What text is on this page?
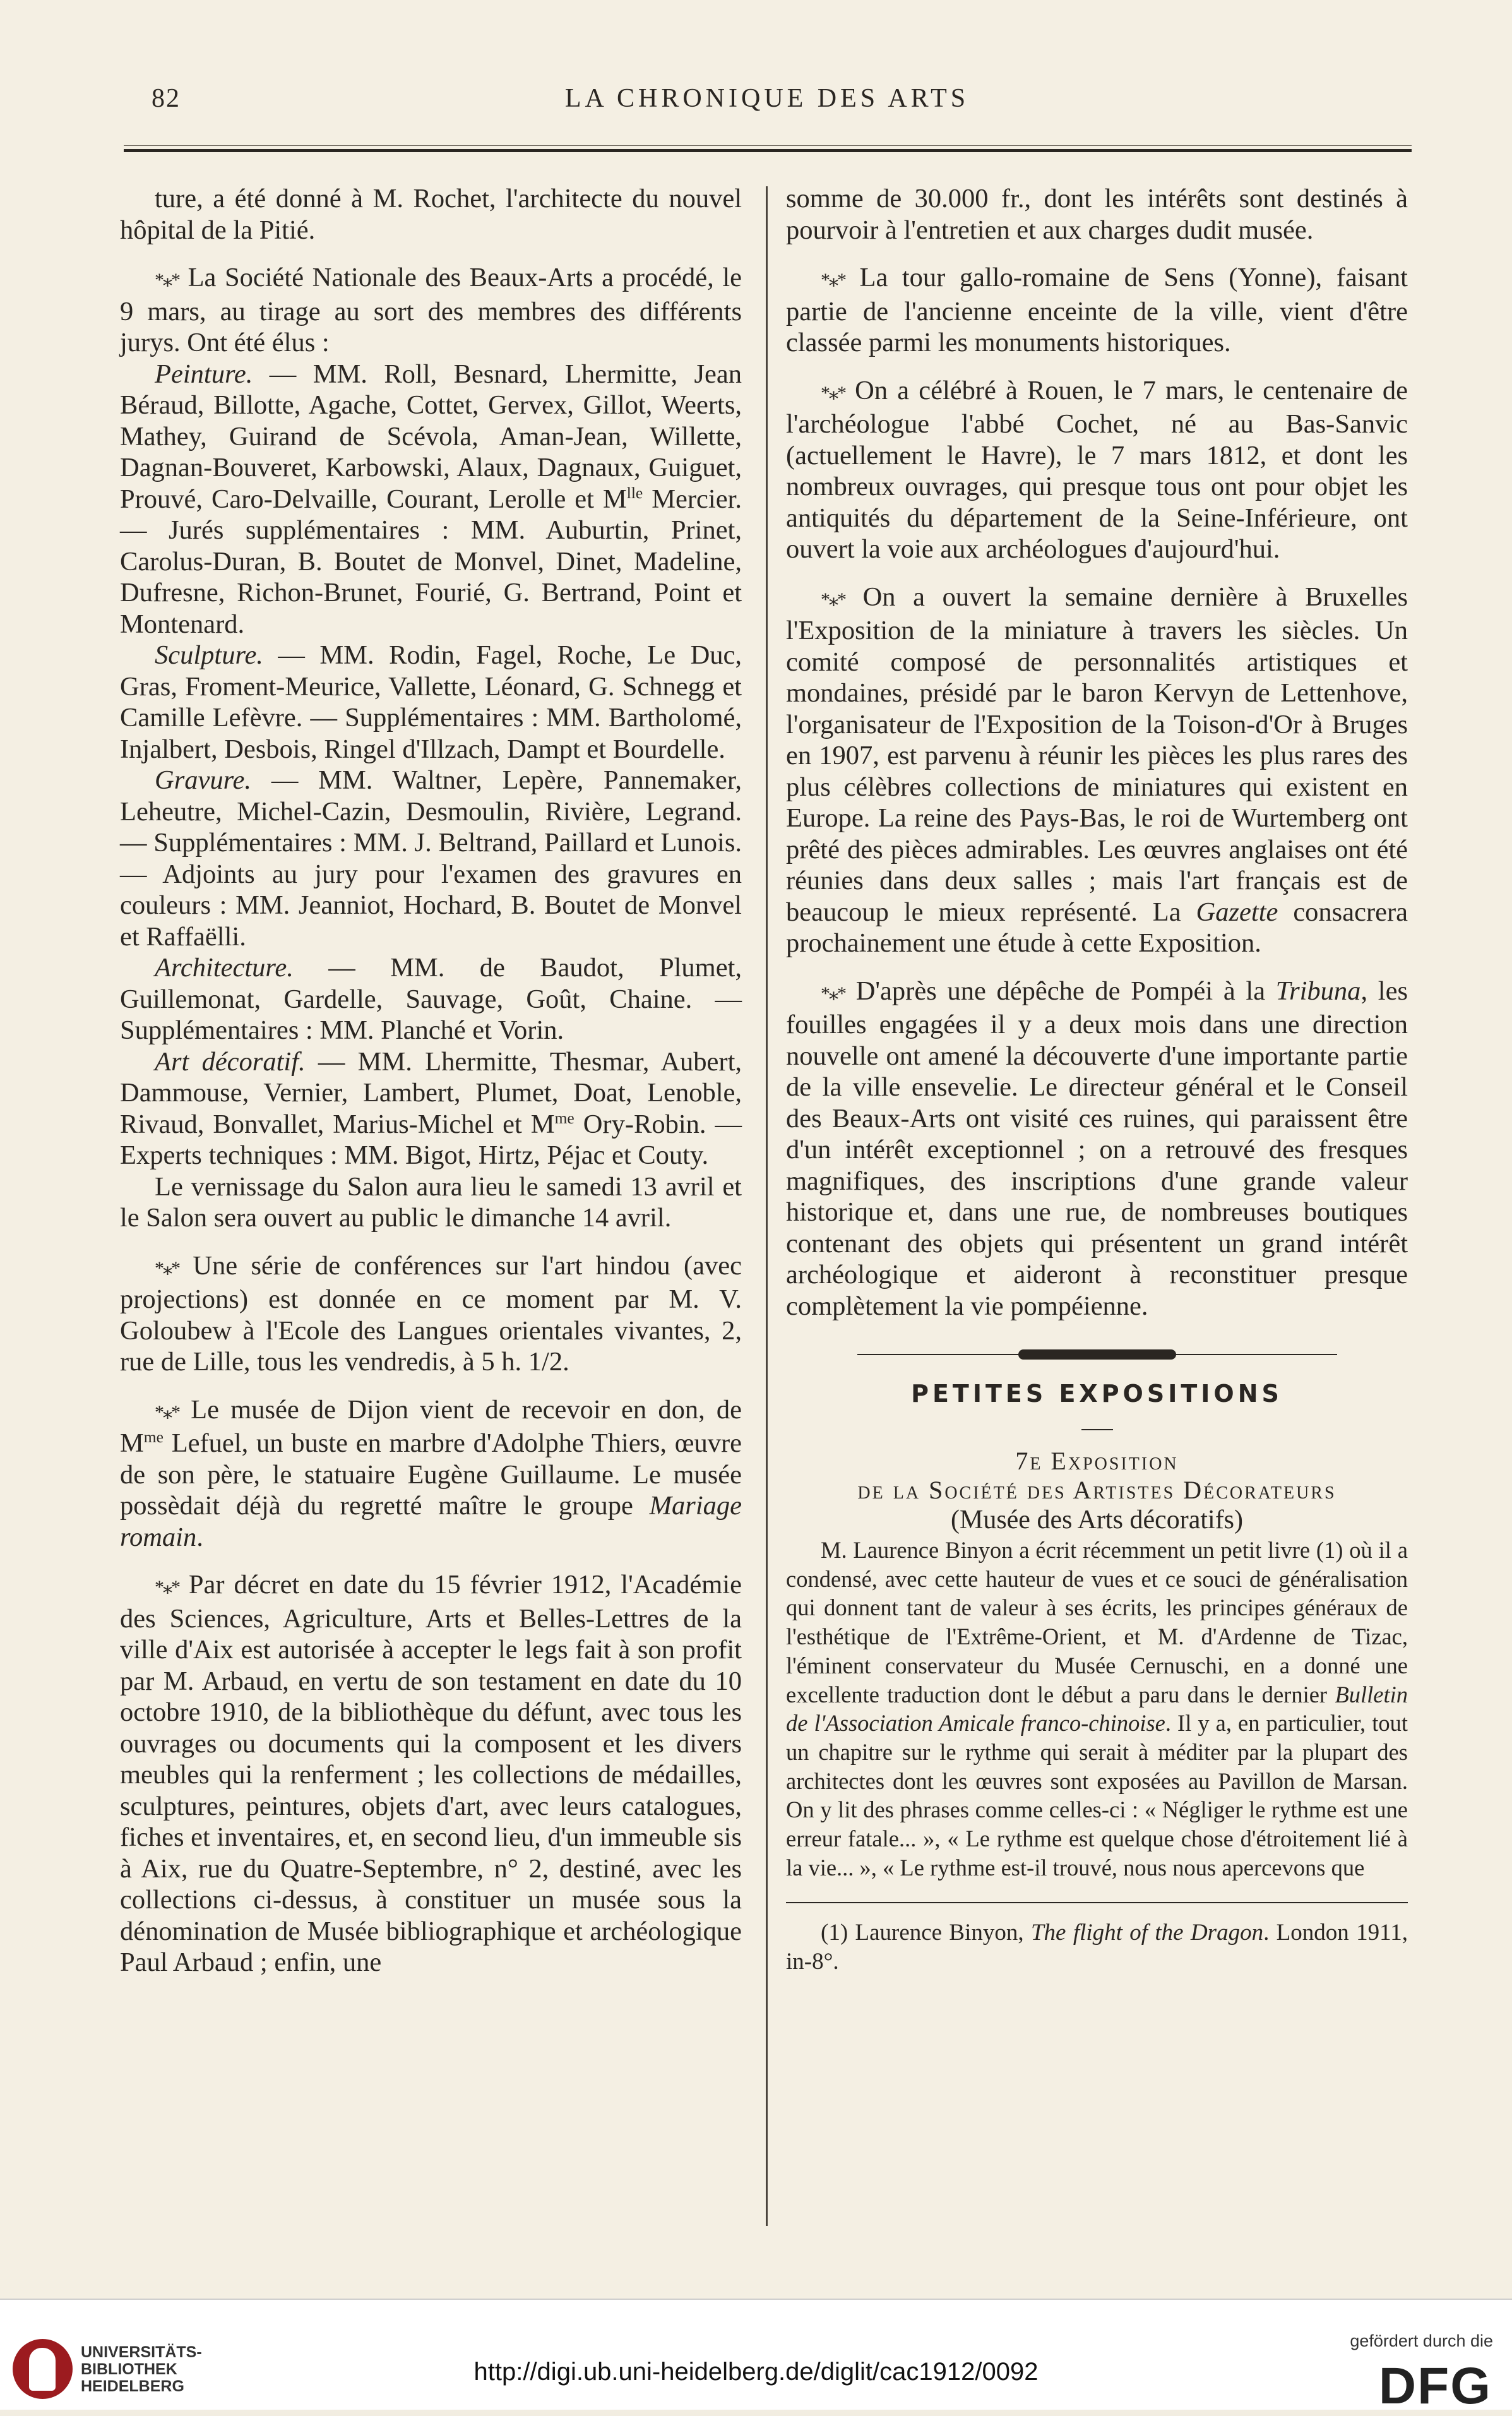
82	LA CHRONIQUE DES ARTS

ture, a été donné à M. Rochet, l'architecte du nouvel hôpital de la Pitié.

*⁎* La Société Nationale des Beaux-Arts a procédé, le 9 mars, au tirage au sort des membres des différents jurys. Ont été élus :

Peinture. — MM. Roll, Besnard, Lhermitte, Jean Béraud, Billotte, Agache, Cottet, Gervex, Gillot, Weerts, Mathey, Guirand de Scévola, Aman-Jean, Willette, Dagnan-Bouveret, Karbowski, Alaux, Dagnaux, Guiguet, Prouvé, Caro-Delvaille, Courant, Lerolle et $M^{lle}$ Mercier. — Jurés supplémentaires : MM. Auburtin, Prinet, Carolus-Duran, B. Boutet de Monvel, Dinet, Madeline, Dufresne, Richon-Brunet, Fourié, G. Bertrand, Point et Montenard.

Sculpture. — MM. Rodin, Fagel, Roche, Le Duc, Gras, Froment-Meurice, Vallette, Léonard, G. Schnegg et Camille Lefèvre. — Supplémentaires : MM. Bartholomé, Injalbert, Desbois, Ringel d'Illzach, Dampt et Bourdelle.

Gravure. — MM. Waltner, Lepère, Pannemaker, Leheutre, Michel-Cazin, Desmoulin, Rivière, Legrand. — Supplémentaires : MM. J. Beltrand, Paillard et Lunois. — Adjoints au jury pour l'examen des gravures en couleurs : MM. Jeanniot, Hochard, B. Boutet de Monvel et Raffaëlli.

Architecture. — MM. de Baudot, Plumet, Guillemonat, Gardelle, Sauvage, Goût, Chaine. — Supplémentaires : MM. Planché et Vorin.

Art décoratif. — MM. Lhermitte, Thesmar, Aubert, Dammouse, Vernier, Lambert, Plumet, Doat, Lenoble, Rivaud, Bonvallet, Marius-Michel et $M^{me}$ Ory-Robin. — Experts techniques : MM. Bigot, Hirtz, Péjac et Couty.

Le vernissage du Salon aura lieu le samedi 13 avril et le Salon sera ouvert au public le dimanche 14 avril.

*⁎* Une série de conférences sur l'art hindou (avec projections) est donnée en ce moment par M. V. Goloubew à l'Ecole des Langues orientales vivantes, 2, rue de Lille, tous les vendredis, à 5 h. 1/2.

*⁎* Le musée de Dijon vient de recevoir en don, de $M^{me}$ Lefuel, un buste en marbre d'Adolphe Thiers, œuvre de son père, le statuaire Eugène Guillaume. Le musée possèdait déjà du regretté maître le groupe Mariage romain.

*⁎* Par décret en date du 15 février 1912, l'Académie des Sciences, Agriculture, Arts et Belles-Lettres de la ville d'Aix est autorisée à accepter le legs fait à son profit par M. Arbaud, en vertu de son testament en date du 10 octobre 1910, de la bibliothèque du défunt, avec tous les ouvrages ou documents qui la composent et les divers meubles qui la renferment ; les collections de médailles, sculptures, peintures, objets d'art, avec leurs catalogues, fiches et inventaires, et, en second lieu, d'un immeuble sis à Aix, rue du Quatre-Septembre, n° 2, destiné, avec les collections ci-dessus, à constituer un musée sous la dénomination de Musée bibliographique et archéologique Paul Arbaud ; enfin, une

somme de 30.000 fr., dont les intérêts sont destinés à pourvoir à l'entretien et aux charges dudit musée.

*⁎* La tour gallo-romaine de Sens (Yonne), faisant partie de l'ancienne enceinte de la ville, vient d'être classée parmi les monuments historiques.

*⁎* On a célébré à Rouen, le 7 mars, le centenaire de l'archéologue l'abbé Cochet, né au Bas-Sanvic (actuellement le Havre), le 7 mars 1812, et dont les nombreux ouvrages, qui presque tous ont pour objet les antiquités du département de la Seine-Inférieure, ont ouvert la voie aux archéologues d'aujourd'hui.

*⁎* On a ouvert la semaine dernière à Bruxelles l'Exposition de la miniature à travers les siècles. Un comité composé de personnalités artistiques et mondaines, présidé par le baron Kervyn de Lettenhove, l'organisateur de l'Exposition de la Toison-d'Or à Bruges en 1907, est parvenu à réunir les pièces les plus rares des plus célèbres collections de miniatures qui existent en Europe. La reine des Pays-Bas, le roi de Wurtemberg ont prêté des pièces admirables. Les œuvres anglaises ont été réunies dans deux salles ; mais l'art français est de beaucoup le mieux représenté. La Gazette consacrera prochainement une étude à cette Exposition.

*⁎* D'après une dépêche de Pompéi à la Tribuna, les fouilles engagées il y a deux mois dans une direction nouvelle ont amené la découverte d'une importante partie de la ville ensevelie. Le directeur général et le Conseil des Beaux-Arts ont visité ces ruines, qui paraissent être d'un intérêt exceptionnel ; on a retrouvé des fresques magnifiques, des inscriptions d'une grande valeur historique et, dans une rue, de nombreuses boutiques contenant des objets qui présentent un grand intérêt archéologique et aideront à reconstituer presque complètement la vie pompéienne.

PETITES EXPOSITIONS

7e Exposition

de la Société des Artistes Décorateurs

(Musée des Arts décoratifs)

M. Laurence Binyon a écrit récemment un petit livre (1) où il a condensé, avec cette hauteur de vues et ce souci de généralisation qui donnent tant de valeur à ses écrits, les principes généraux de l'esthétique de l'Extrême-Orient, et M. d'Ardenne de Tizac, l'éminent conservateur du Musée Cernuschi, en a donné une excellente traduction dont le début a paru dans le dernier Bulletin de l'Association Amicale franco-chinoise. Il y a, en particulier, tout un chapitre sur le rythme qui serait à méditer par la plupart des architectes dont les œuvres sont exposées au Pavillon de Marsan. On y lit des phrases comme celles-ci : « Négliger le rythme est une erreur fatale... », « Le rythme est quelque chose d'étroitement lié à la vie... », « Le rythme est-il trouvé, nous nous apercevons que

(1) Laurence Binyon, The flight of the Dragon. London 1911, in-8°.

UNIVERSITÄTS-
BIBLIOTHEK
HEIDELBERG
http://digi.ub.uni-heidelberg.de/diglit/cac1912/0092
gefördert durch die
DFG
